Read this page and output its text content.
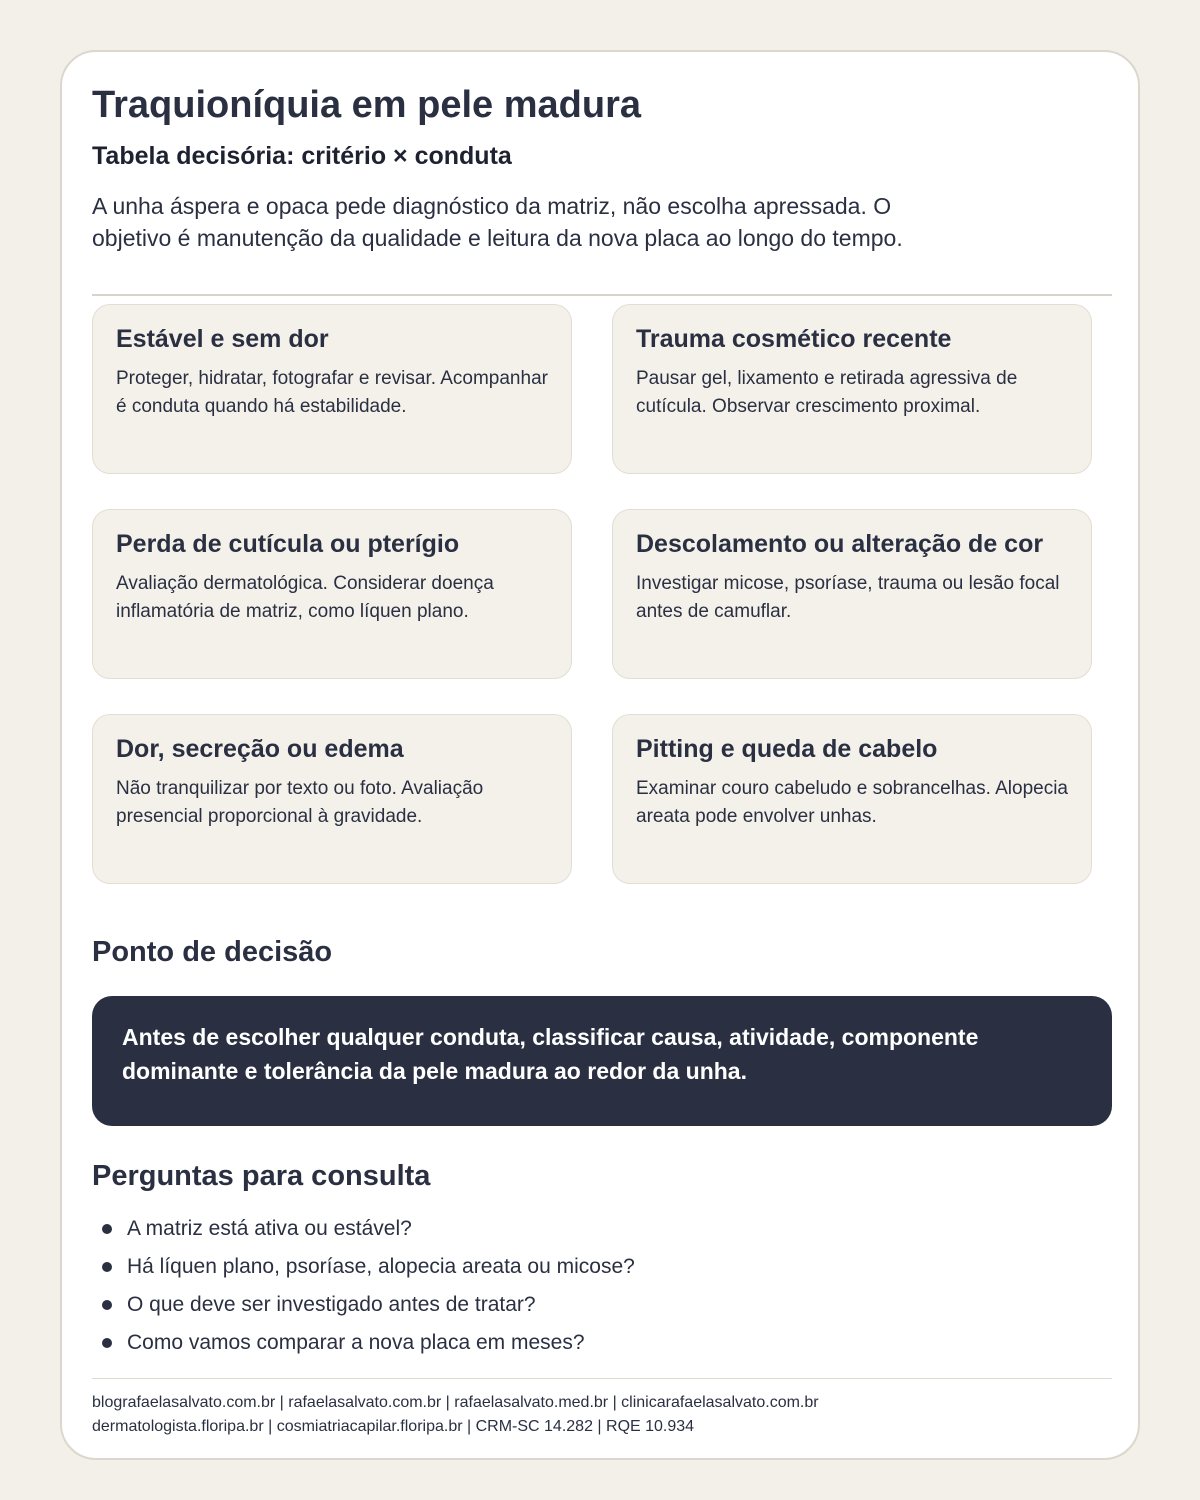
Traquioníquia em pele madura
Tabela decisória: critério × conduta

A unha áspera e opaca pede diagnóstico da matriz, não escolha apressada. O objetivo é manutenção da qualidade e leitura da nova placa ao longo do tempo.

Estável e sem dor

Proteger, hidratar, fotografar e revisar. Acompanhar é conduta quando há estabilidade.

Trauma cosmético recente

Pausar gel, lixamento e retirada agressiva de cutícula. Observar crescimento proximal.

Perda de cutícula ou pterígio

Avaliação dermatológica. Considerar doença inflamatória de matriz, como líquen plano.

Descolamento ou alteração de cor

Investigar micose, psoríase, trauma ou lesão focal antes de camuflar.

Dor, secreção ou edema

Não tranquilizar por texto ou foto. Avaliação presencial proporcional à gravidade.

Pitting e queda de cabelo

Examinar couro cabeludo e sobrancelhas. Alopecia areata pode envolver unhas.

Ponto de decisão
Antes de escolher qualquer conduta, classificar causa, atividade, componente dominante e tolerância da pele madura ao redor da unha.
Perguntas para consulta
A matriz está ativa ou estável?
Há líquen plano, psoríase, alopecia areata ou micose?
O que deve ser investigado antes de tratar?
Como vamos comparar a nova placa em meses?
blografaelasalvato.com.br | rafaelasalvato.com.br | rafaelasalvato.med.br | clinicarafaelasalvato.com.br
dermatologista.floripa.br | cosmiatriacapilar.floripa.br | CRM-SC 14.282 | RQE 10.934
